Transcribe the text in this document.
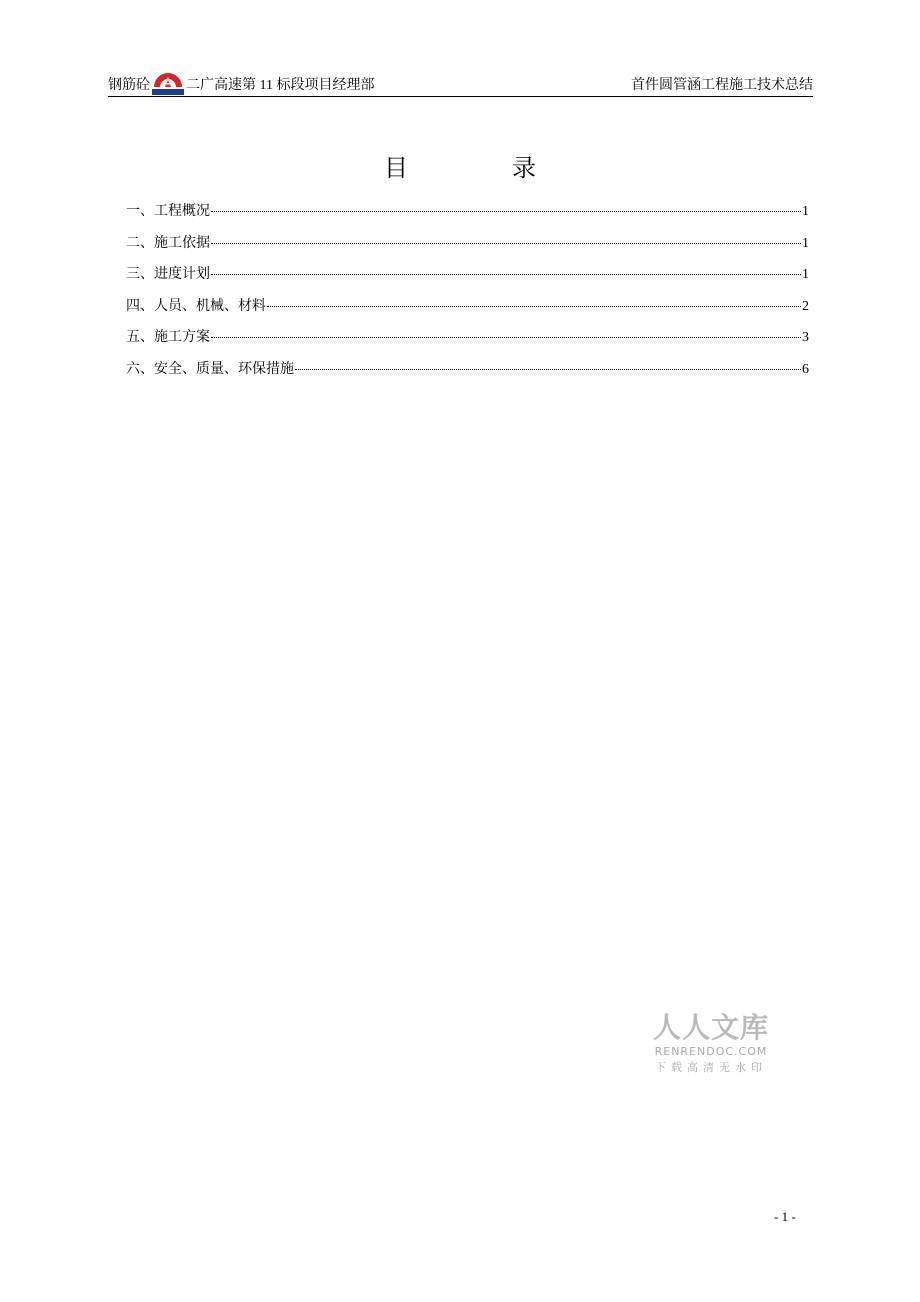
钢筋砼	二广高速第 11 标段项目经理部	首件圆管涵工程施工技术总结
目	录
一、工程概况	1
二、施工依据	1
三、进度计划	1
四、人员、机械、材料	2
五、施工方案	3
六、安全、质量、环保措施	6
人人文库
RENRENDOC.COM
下载高清无水印
- 1 -
